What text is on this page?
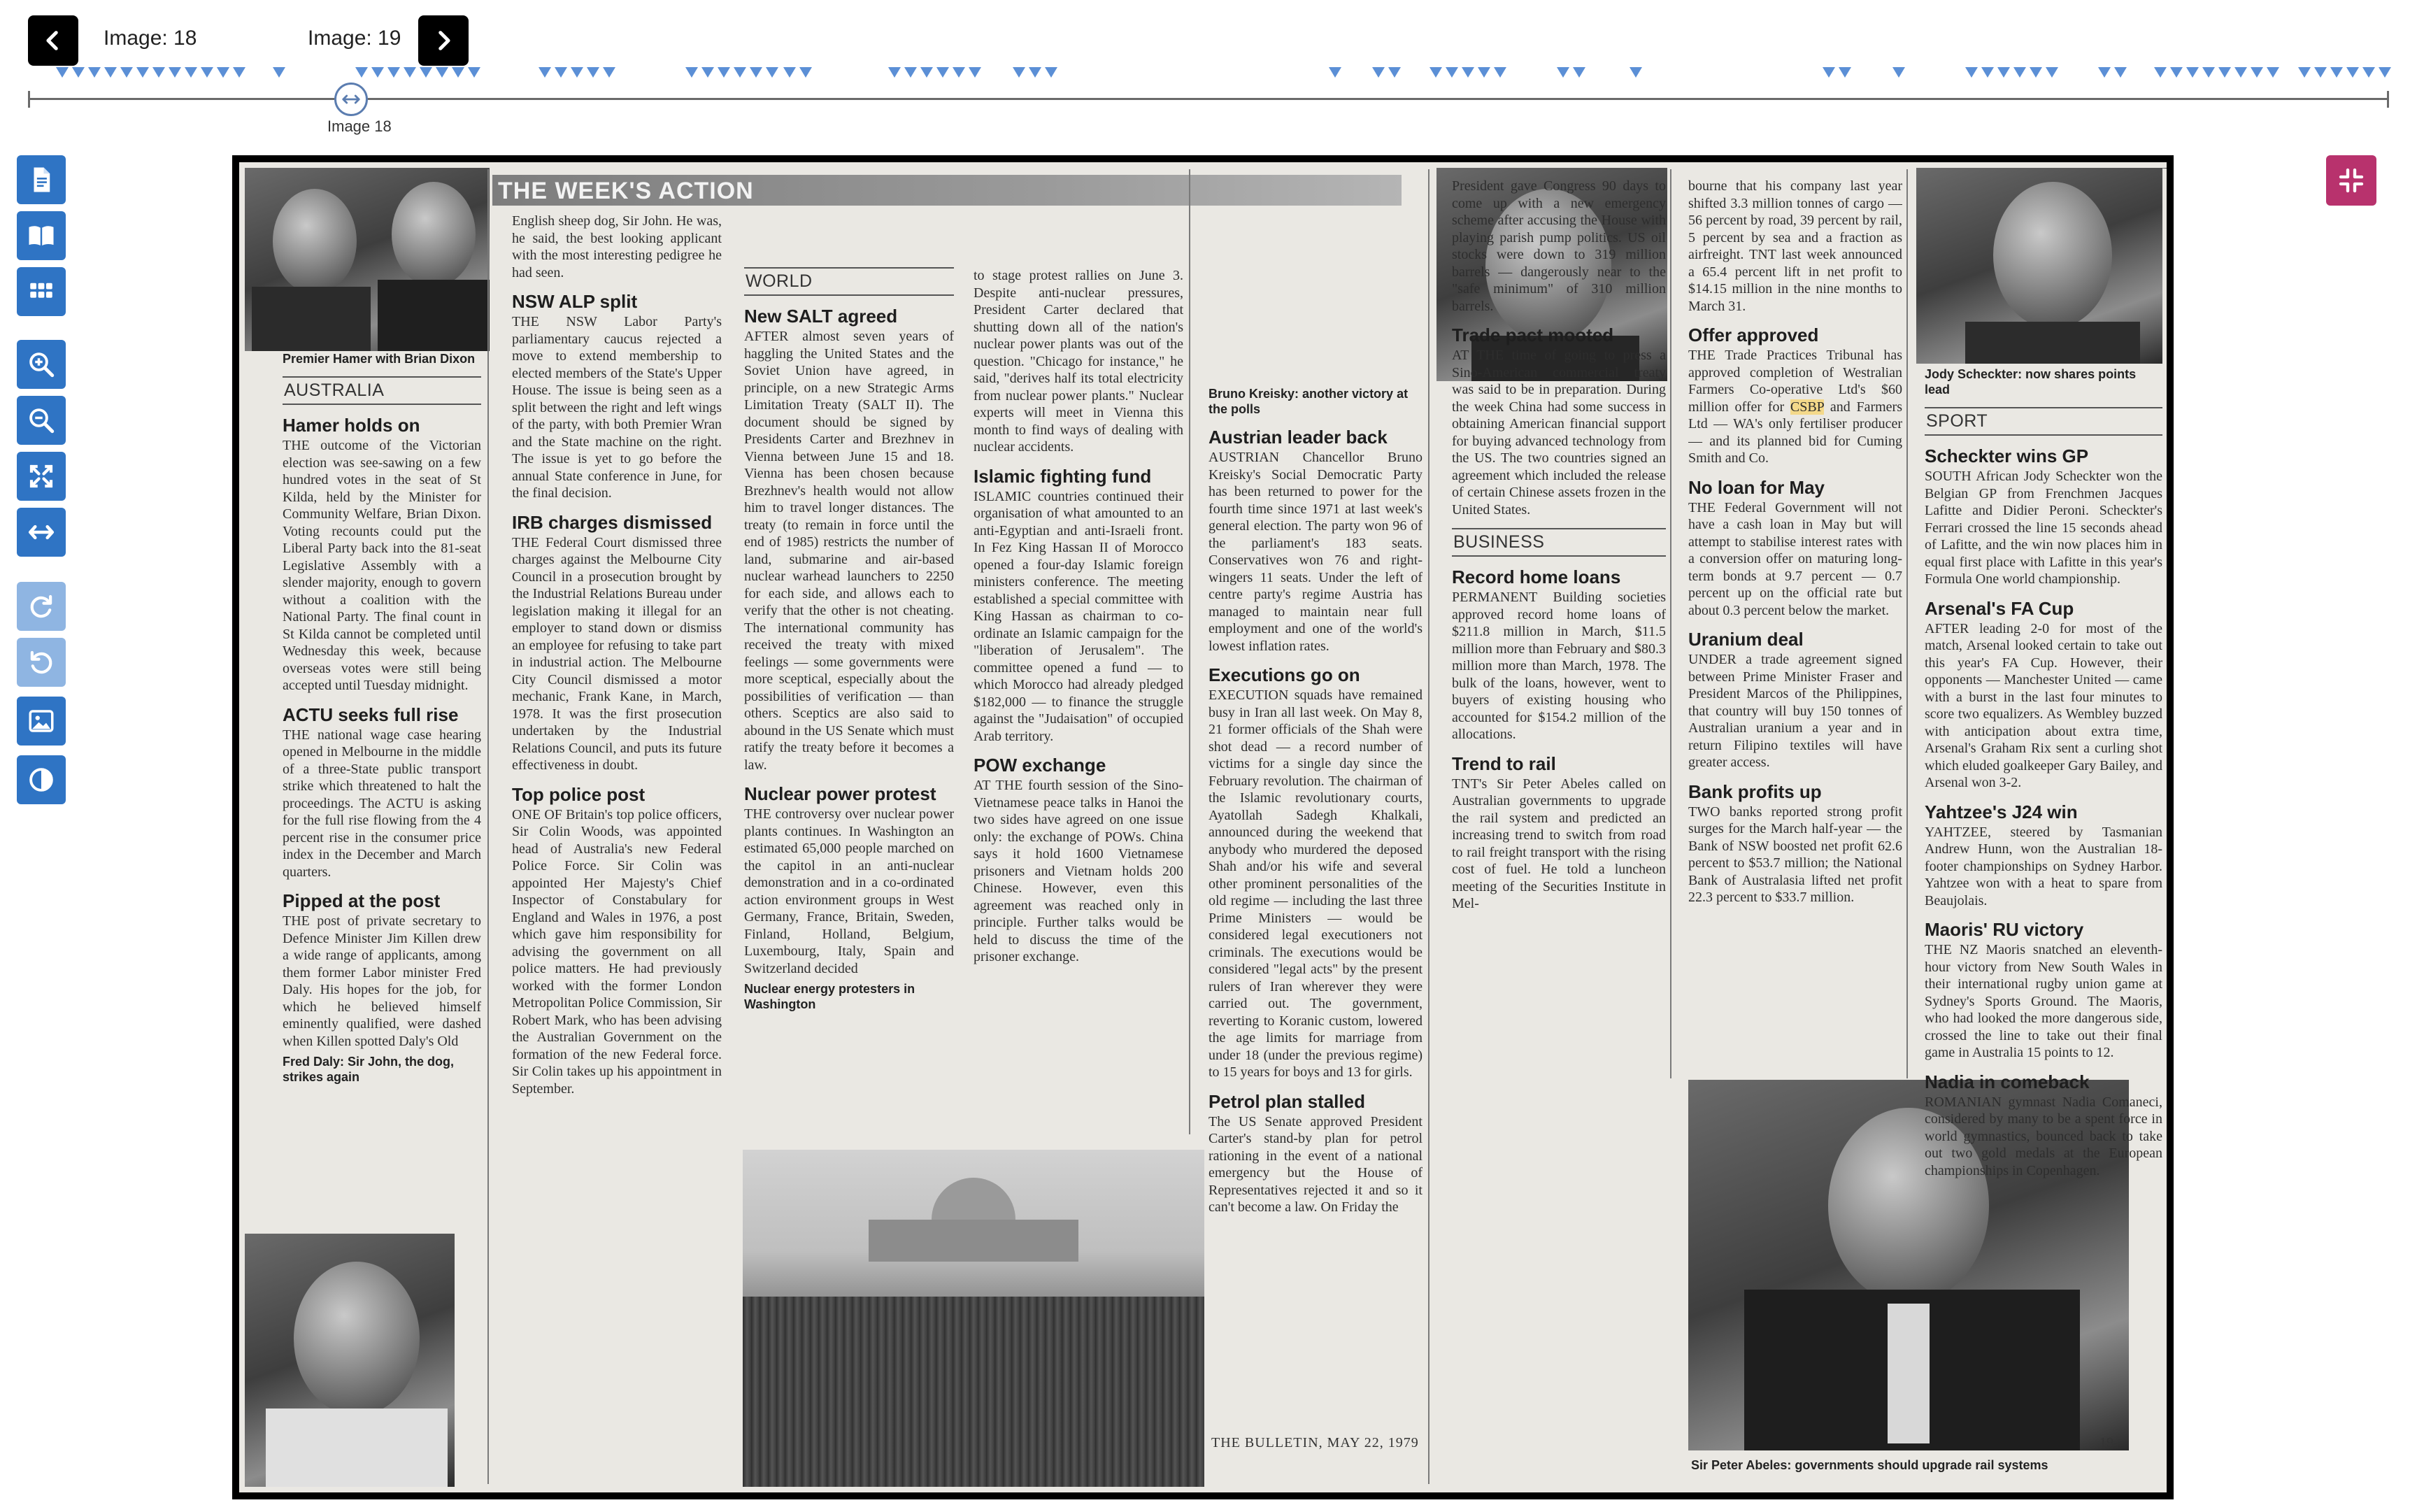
Image: 18	Image: 19
Image 18
THE WEEK'S ACTION
Premier Hamer with Brian Dixon
AUSTRALIA
Hamer holds on

THE outcome of the Victorian election was see-sawing on a few hundred votes in the seat of St Kilda, held by the Minister for Community Welfare, Brian Dixon. Voting recounts could put the Liberal Party back into the 81-seat Legislative Assembly with a slender majority, enough to govern without a coalition with the National Party. The final count in St Kilda cannot be completed until Wednesday this week, because overseas votes were still being accepted until Tuesday midnight.

ACTU seeks full rise

THE national wage case hearing opened in Melbourne in the middle of a three-State public transport strike which threatened to halt the proceedings. The ACTU is asking for the full rise flowing from the 4 percent rise in the consumer price index in the December and March quarters.

Pipped at the post

THE post of private secretary to Defence Minister Jim Killen drew a wide range of applicants, among them former Labor minister Fred Daly. His hopes for the job, for which he believed himself eminently qualified, were dashed when Killen spotted Daly's Old

Fred Daly: Sir John, the dog, strikes again

English sheep dog, Sir John. He was, he said, the best looking applicant with the most interesting pedigree he had seen.

NSW ALP split

THE NSW Labor Party's parliamentary caucus rejected a move to extend membership to elected members of the State's Upper House. The issue is being seen as a split between the right and left wings of the party, with both Premier Wran and the State machine on the right. The issue is yet to go before the annual State conference in June, for the final decision.

IRB charges dismissed

THE Federal Court dismissed three charges against the Melbourne City Council in a prosecution brought by the Industrial Relations Bureau under legislation making it illegal for an employer to stand down or dismiss an employee for refusing to take part in industrial action. The Melbourne City Council dismissed a motor mechanic, Frank Kane, in March, 1978. It was the first prosecution undertaken by the Industrial Relations Council, and puts its future effectiveness in doubt.

Top police post

ONE OF Britain's top police officers, Sir Colin Woods, was appointed head of Australia's new Federal Police Force. Sir Colin was appointed Her Majesty's Chief Inspector of Constabulary for England and Wales in 1976, a post which gave him responsibility for advising the government on all police matters. He had previously worked with the former London Metropolitan Police Commission, Sir Robert Mark, who has been advising the Australian Government on the formation of the new Federal force. Sir Colin takes up his appointment in September.

WORLD
New SALT agreed

AFTER almost seven years of haggling the United States and the Soviet Union have agreed, in principle, on a new Strategic Arms Limitation Treaty (SALT II). The document should be signed by Presidents Carter and Brezhnev in Vienna between June 15 and 18. Vienna has been chosen because Brezhnev's health would not allow him to travel longer distances. The treaty (to remain in force until the end of 1985) restricts the number of land, submarine and air-based nuclear warhead launchers to 2250 for each side, and allows each to verify that the other is not cheating. The international community has received the treaty with mixed feelings — some governments were more sceptical, especially about the possibilities of verification — than others. Sceptics are also said to abound in the US Senate which must ratify the treaty before it becomes a law.

Nuclear power protest

THE controversy over nuclear power plants continues. In Washington an estimated 65,000 people marched on the capitol in an anti-nuclear demonstration and in a co-ordinated action environment groups in West Germany, France, Britain, Sweden, Finland, Holland, Belgium, Luxembourg, Italy, Spain and Switzerland decided

Nuclear energy protesters in Washington

to stage protest rallies on June 3. Despite anti-nuclear pressures, President Carter declared that shutting down all of the nation's nuclear power plants was out of the question. "Chicago for instance," he said, "derives half its total electricity from nuclear power plants." Nuclear experts will meet in Vienna this month to find ways of dealing with nuclear accidents.

Islamic fighting fund

ISLAMIC countries continued their organisation of what amounted to an anti-Egyptian and anti-Israeli front. In Fez King Hassan II of Morocco opened a four-day Islamic foreign ministers conference. The meeting established a special committee with King Hassan as chairman to co-ordinate an Islamic campaign for the "liberation of Jerusalem". The committee opened a fund — to which Morocco had already pledged $182,000 — to finance the struggle against the "Judaisation" of occupied Arab territory.

POW exchange

AT THE fourth session of the Sino-Vietnamese peace talks in Hanoi the two sides have agreed on one issue only: the exchange of POWs. China says it hold 1600 Vietnamese prisoners and Vietnam holds 200 Chinese. However, even this agreement was reached only in principle. Further talks would be held to discuss the time of the prisoner exchange.

Bruno Kreisky: another victory at the polls
Austrian leader back

AUSTRIAN Chancellor Bruno Kreisky's Social Democratic Party has been returned to power for the fourth time since 1971 at last week's general election. The party won 96 of the parliament's 183 seats. Conservatives won 76 and right-wingers 11 seats. Under the left of centre party's regime Austria has managed to maintain near full employment and one of the world's lowest inflation rates.

Executions go on

EXECUTION squads have remained busy in Iran all last week. On May 8, 21 former officials of the Shah were shot dead — a record number of victims for a single day since the February revolution. The chairman of the Islamic revolutionary courts, Ayatollah Sadegh Khalkali, announced during the weekend that anybody who murdered the deposed Shah and/or his wife and several other prominent personalities of the old regime — including the last three Prime Ministers — would be considered legal executioners not criminals. The executions would be considered "legal acts" by the present rulers of Iran wherever they were carried out. The government, reverting to Koranic custom, lowered the age limits for marriage from under 18 (under the previous regime) to 15 years for boys and 13 for girls.

Petrol plan stalled

The US Senate approved President Carter's stand-by plan for petrol rationing in the event of a national emergency but the House of Representatives rejected it and so it can't become a law. On Friday the

President gave Congress 90 days to come up with a new emergency scheme after accusing the House with playing parish pump politics. US oil stocks were down to 319 million barrels — dangerously near to the "safe minimum" of 310 million barrels.

Trade pact mooted

AT THE time of going to press a Sino-American commercial treaty was said to be in preparation. During the week China had some success in obtaining American financial support for buying advanced technology from the US. The two countries signed an agreement which included the release of certain Chinese assets frozen in the United States.

BUSINESS
Record home loans

PERMANENT Building societies approved record home loans of $211.8 million in March, $11.5 million more than February and $80.3 million more than March, 1978. The bulk of the loans, however, went to buyers of existing housing who accounted for $154.2 million of the allocations.

Trend to rail

TNT's Sir Peter Abeles called on Australian governments to upgrade the rail system and predicted an increasing trend to switch from road to rail freight transport with the rising cost of fuel. He told a luncheon meeting of the Securities Institute in Mel-

bourne that his company last year shifted 3.3 million tonnes of cargo — 56 percent by road, 39 percent by rail, 5 percent by sea and a fraction as airfreight. TNT last week announced a 65.4 percent lift in net profit to $14.15 million in the nine months to March 31.

Offer approved

THE Trade Practices Tribunal has approved completion of Westralian Farmers Co-operative Ltd's $60 million offer for CSBP and Farmers Ltd — WA's only fertiliser producer — and its planned bid for Cuming Smith and Co.

No loan for May

THE Federal Government will not have a cash loan in May but will attempt to stabilise interest rates with a conversion offer on maturing long-term bonds at 9.7 percent — 0.7 percent up on the official rate but about 0.3 percent below the market.

Uranium deal

UNDER a trade agreement signed between Prime Minister Fraser and President Marcos of the Philippines, that country will buy 150 tonnes of Australian uranium a year and in return Filipino textiles will have greater access.

Bank profits up

TWO banks reported strong profit surges for the March half-year — the Bank of NSW boosted net profit 62.6 percent to $53.7 million; the National Bank of Australasia lifted net profit 22.3 percent to $33.7 million.

Jody Scheckter: now shares points lead
SPORT
Scheckter wins GP

SOUTH African Jody Scheckter won the Belgian GP from Frenchmen Jacques Lafitte and Didier Peroni. Scheckter's Ferrari crossed the line 15 seconds ahead of Lafitte, and the win now places him in equal first place with Lafitte in this year's Formula One world championship.

Arsenal's FA Cup

AFTER leading 2-0 for most of the match, Arsenal looked certain to take out this year's FA Cup. However, their opponents — Manchester United — came with a burst in the last four minutes to score two equalizers. As Wembley buzzed with anticipation about extra time, Arsenal's Graham Rix sent a curling shot which eluded goalkeeper Gary Bailey, and Arsenal won 3-2.

Yahtzee's J24 win

YAHTZEE, steered by Tasmanian Andrew Hunn, won the Australian 18-footer championships on Sydney Harbor. Yahtzee won with a heat to spare from Beaujolais.

Maoris' RU victory

THE NZ Maoris snatched an eleventh-hour victory from New South Wales in their international rugby union game at Sydney's Sports Ground. The Maoris, who had looked the more dangerous side, crossed the line to take out their final game in Australia 15 points to 12.

Nadia in comeback

ROMANIAN gymnast Nadia Comaneci, considered by many to be a spent force in world gymnastics, bounced back to take out two gold medals at the European championships in Copenhagen.

Sir Peter Abeles: governments should upgrade rail systems
THE BULLETIN, MAY 22, 1979	19
